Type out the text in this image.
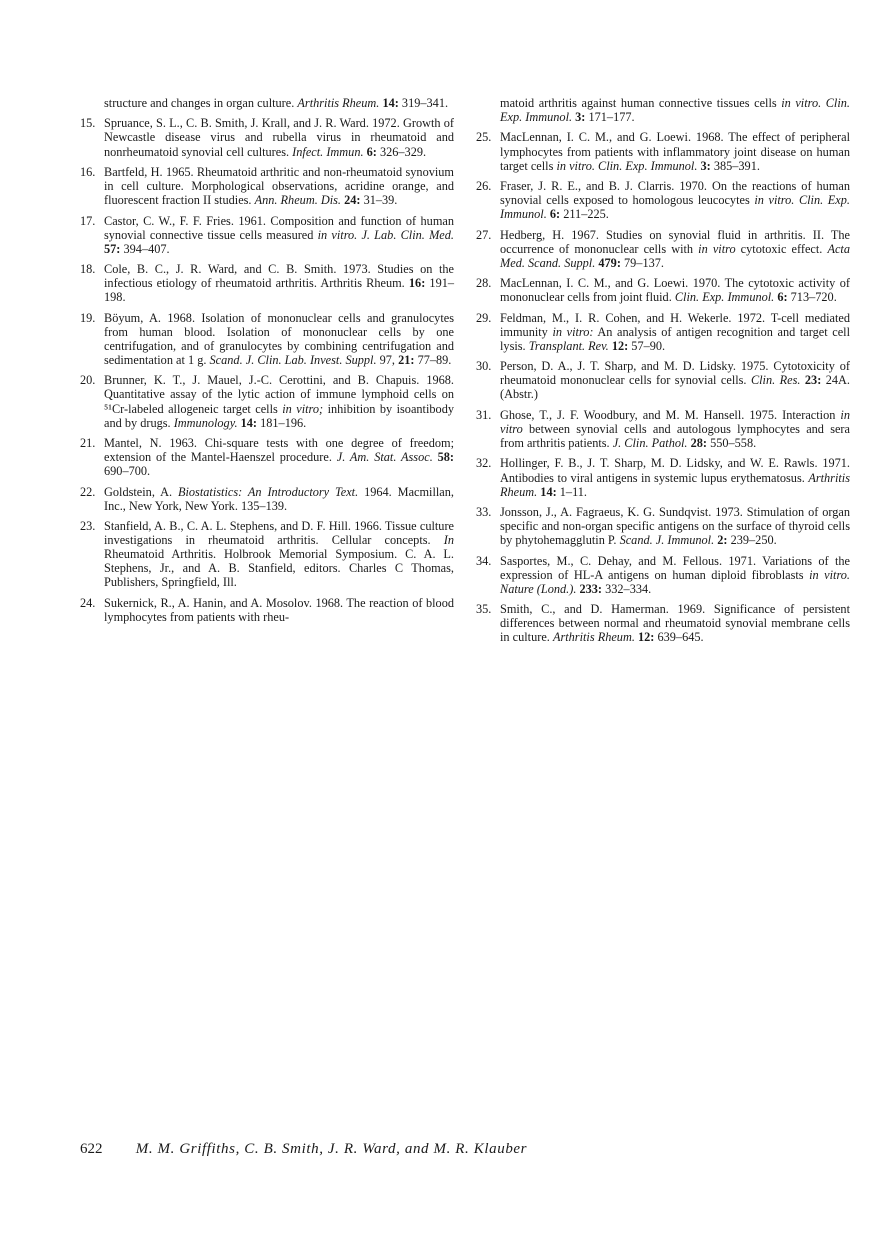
structure and changes in organ culture. Arthritis Rheum. 14: 319–341.
15. Spruance, S. L., C. B. Smith, J. Krall, and J. R. Ward. 1972. Growth of Newcastle disease virus and rubella virus in rheumatoid and nonrheumatoid synovial cell cultures. Infect. Immun. 6: 326–329.
16. Bartfeld, H. 1965. Rheumatoid arthritic and non-rheumatoid synovium in cell culture. Morphological observations, acridine orange, and fluorescent fraction II studies. Ann. Rheum. Dis. 24: 31–39.
17. Castor, C. W., F. F. Fries. 1961. Composition and function of human synovial connective tissue cells measured in vitro. J. Lab. Clin. Med. 57: 394–407.
18. Cole, B. C., J. R. Ward, and C. B. Smith. 1973. Studies on the infectious etiology of rheumatoid arthritis. Arthritis Rheum. 16: 191–198.
19. Böyum, A. 1968. Isolation of mononuclear cells and granulocytes from human blood. Isolation of mononuclear cells by one centrifugation, and of granulocytes by combining centrifugation and sedimentation at 1 g. Scand. J. Clin. Lab. Invest. Suppl. 97, 21: 77–89.
20. Brunner, K. T., J. Mauel, J.-C. Cerottini, and B. Chapuis. 1968. Quantitative assay of the lytic action of immune lymphoid cells on ⁵¹Cr-labeled allogeneic target cells in vitro; inhibition by isoantibody and by drugs. Immunology. 14: 181–196.
21. Mantel, N. 1963. Chi-square tests with one degree of freedom; extension of the Mantel-Haenszel procedure. J. Am. Stat. Assoc. 58: 690–700.
22. Goldstein, A. Biostatistics: An Introductory Text. 1964. Macmillan, Inc., New York, New York. 135–139.
23. Stanfield, A. B., C. A. L. Stephens, and D. F. Hill. 1966. Tissue culture investigations in rheumatoid arthritis. Cellular concepts. In Rheumatoid Arthritis. Holbrook Memorial Symposium. C. A. L. Stephens, Jr., and A. B. Stanfield, editors. Charles C Thomas, Publishers, Springfield, Ill.
24. Sukernick, R., A. Hanin, and A. Mosolov. 1968. The reaction of blood lymphocytes from patients with rheu-
matoid arthritis against human connective tissues cells in vitro. Clin. Exp. Immunol. 3: 171–177.
25. MacLennan, I. C. M., and G. Loewi. 1968. The effect of peripheral lymphocytes from patients with inflammatory joint disease on human target cells in vitro. Clin. Exp. Immunol. 3: 385–391.
26. Fraser, J. R. E., and B. J. Clarris. 1970. On the reactions of human synovial cells exposed to homologous leucocytes in vitro. Clin. Exp. Immunol. 6: 211–225.
27. Hedberg, H. 1967. Studies on synovial fluid in arthritis. II. The occurrence of mononuclear cells with in vitro cytotoxic effect. Acta Med. Scand. Suppl. 479: 79–137.
28. MacLennan, I. C. M., and G. Loewi. 1970. The cytotoxic activity of mononuclear cells from joint fluid. Clin. Exp. Immunol. 6: 713–720.
29. Feldman, M., I. R. Cohen, and H. Wekerle. 1972. T-cell mediated immunity in vitro: An analysis of antigen recognition and target cell lysis. Transplant. Rev. 12: 57–90.
30. Person, D. A., J. T. Sharp, and M. D. Lidsky. 1975. Cytotoxicity of rheumatoid mononuclear cells for synovial cells. Clin. Res. 23: 24A. (Abstr.)
31. Ghose, T., J. F. Woodbury, and M. M. Hansell. 1975. Interaction in vitro between synovial cells and autologous lymphocytes and sera from arthritis patients. J. Clin. Pathol. 28: 550–558.
32. Hollinger, F. B., J. T. Sharp, M. D. Lidsky, and W. E. Rawls. 1971. Antibodies to viral antigens in systemic lupus erythematosus. Arthritis Rheum. 14: 1–11.
33. Jonsson, J., A. Fagraeus, K. G. Sundqvist. 1973. Stimulation of organ specific and non-organ specific antigens on the surface of thyroid cells by phytohemagglutin P. Scand. J. Immunol. 2: 239–250.
34. Sasportes, M., C. Dehay, and M. Fellous. 1971. Variations of the expression of HL-A antigens on human diploid fibroblasts in vitro. Nature (Lond.). 233: 332–334.
35. Smith, C., and D. Hamerman. 1969. Significance of persistent differences between normal and rheumatoid synovial membrane cells in culture. Arthritis Rheum. 12: 639–645.
622 M. M. Griffiths, C. B. Smith, J. R. Ward, and M. R. Klauber
